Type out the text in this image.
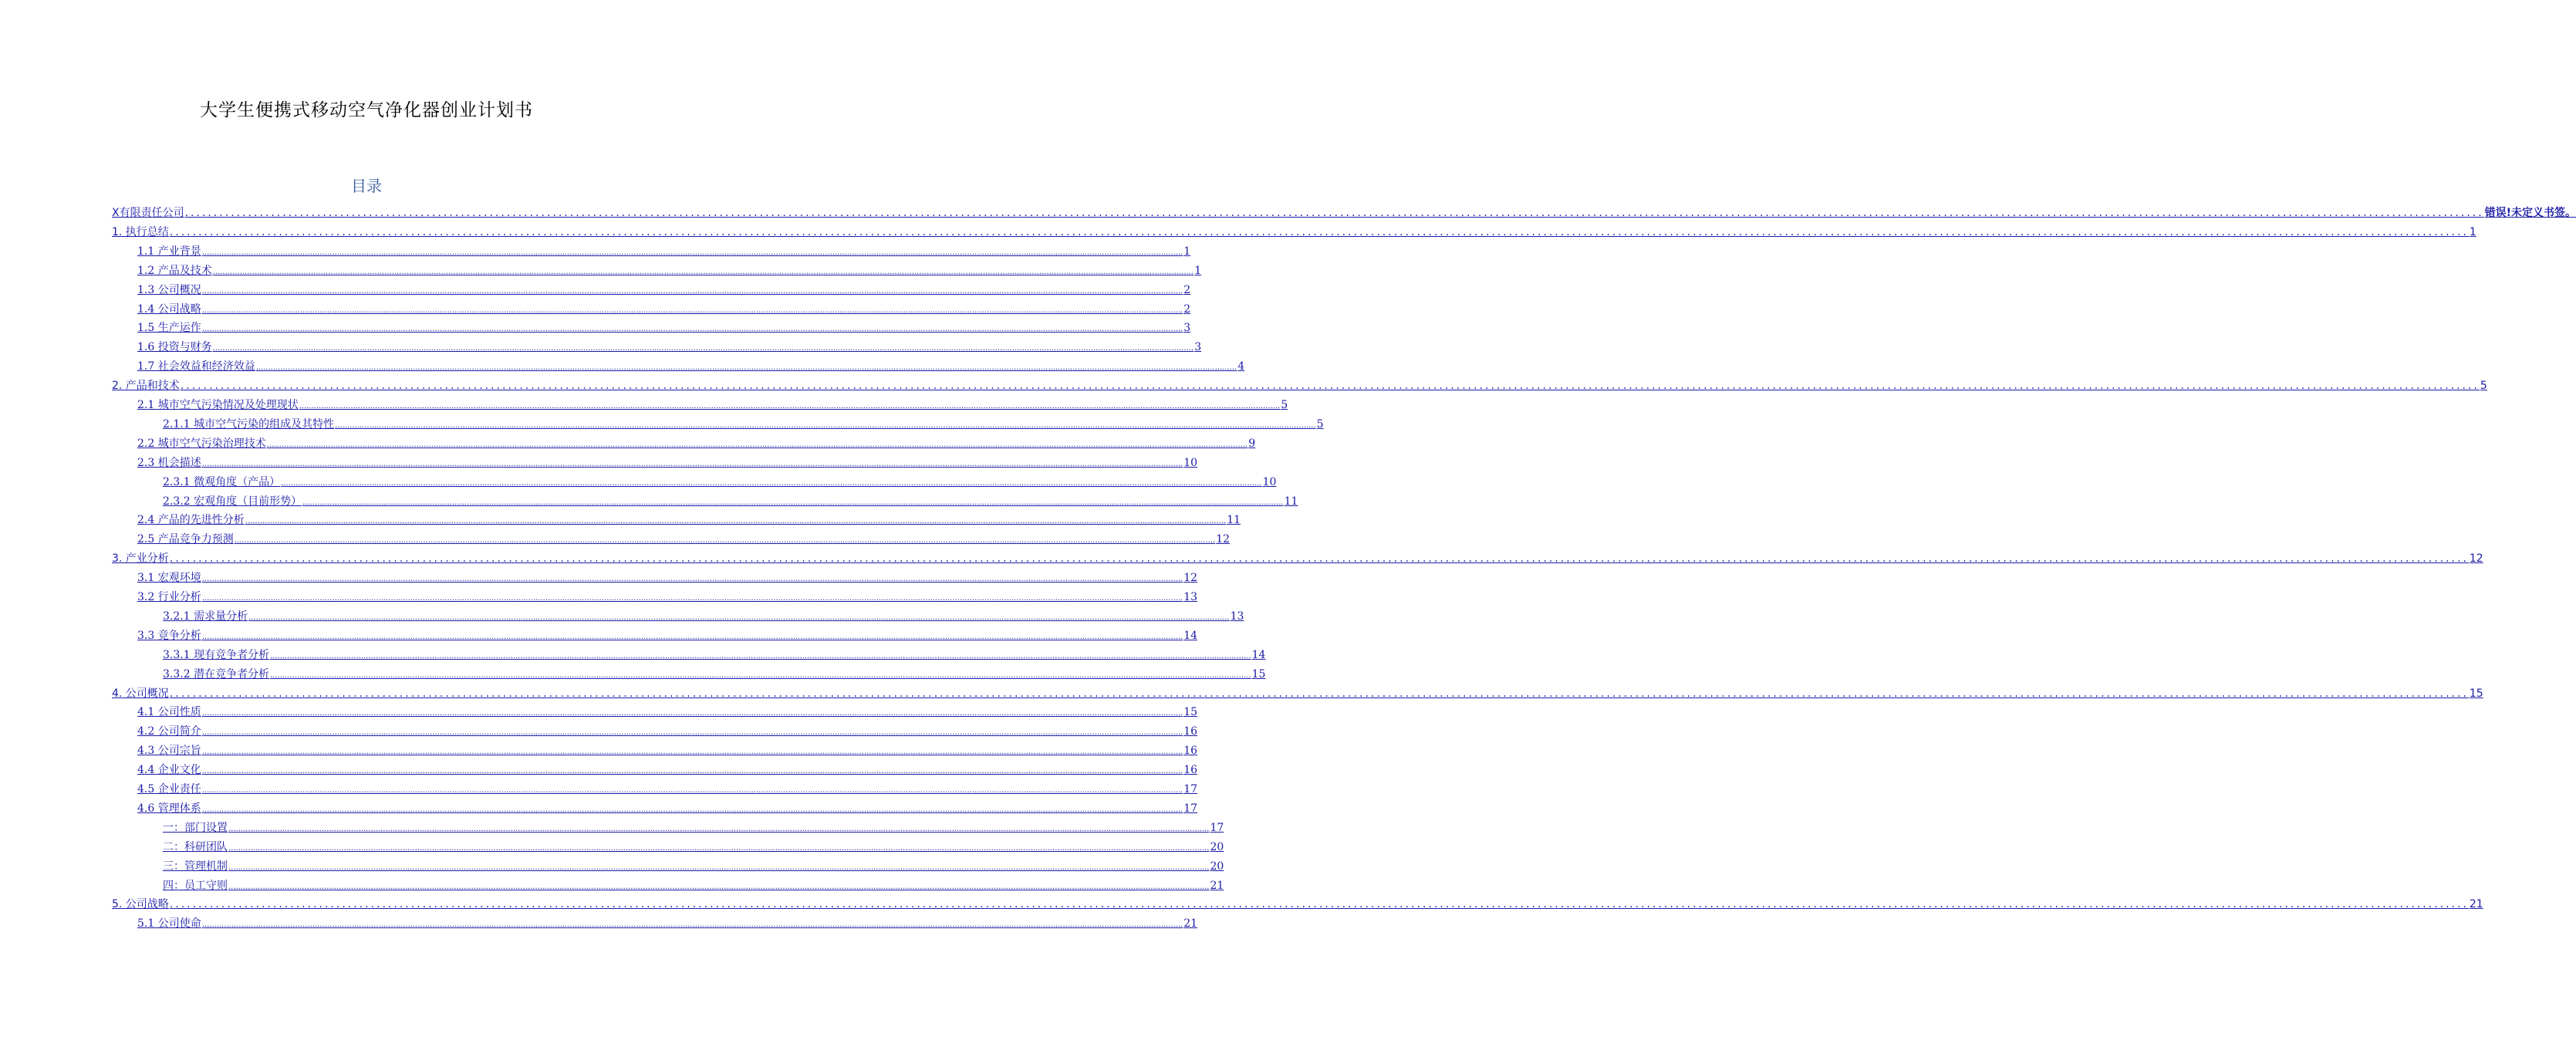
大学生便携式移动空气净化器创业计划书
目录
X有限责任公司 ................................................................................................................................................................................................................................................................................................................................................................................................................ 错误!未定义书签。
1. 执行总结 ................................................................................................................................................................................................................................................................................................................................................................................................................ 1
1.1 产业背景 ................................................................................................................................................................................................................................................................................................................................................................................................................ 1
1.2 产品及技术 ................................................................................................................................................................................................................................................................................................................................................................................................................ 1
1.3 公司概况 ................................................................................................................................................................................................................................................................................................................................................................................................................ 2
1.4 公司战略 ................................................................................................................................................................................................................................................................................................................................................................................................................ 2
1.5 生产运作 ................................................................................................................................................................................................................................................................................................................................................................................................................ 3
1.6 投资与财务 ................................................................................................................................................................................................................................................................................................................................................................................................................ 3
1.7 社会效益和经济效益 ................................................................................................................................................................................................................................................................................................................................................................................................................ 4
2. 产品和技术 ................................................................................................................................................................................................................................................................................................................................................................................................................ 5
2.1 城市空气污染情况及处理现状 ................................................................................................................................................................................................................................................................................................................................................................................................................ 5
2.1.1 城市空气污染的组成及其特性 ................................................................................................................................................................................................................................................................................................................................................................................................................ 5
2.2 城市空气污染治理技术 ................................................................................................................................................................................................................................................................................................................................................................................................................ 9
2.3 机会描述 ................................................................................................................................................................................................................................................................................................................................................................................................................ 10
2.3.1 微观角度（产品） ................................................................................................................................................................................................................................................................................................................................................................................................................ 10
2.3.2 宏观角度（目前形势） ................................................................................................................................................................................................................................................................................................................................................................................................................ 11
2.4 产品的先进性分析 ................................................................................................................................................................................................................................................................................................................................................................................................................ 11
2.5 产品竞争力预测 ................................................................................................................................................................................................................................................................................................................................................................................................................ 12
3. 产业分析 ................................................................................................................................................................................................................................................................................................................................................................................................................ 12
3.1 宏观环境 ................................................................................................................................................................................................................................................................................................................................................................................................................ 12
3.2 行业分析 ................................................................................................................................................................................................................................................................................................................................................................................................................ 13
3.2.1 需求量分析 ................................................................................................................................................................................................................................................................................................................................................................................................................ 13
3.3 竞争分析 ................................................................................................................................................................................................................................................................................................................................................................................................................ 14
3.3.1 现有竞争者分析 ................................................................................................................................................................................................................................................................................................................................................................................................................ 14
3.3.2 潜在竞争者分析 ................................................................................................................................................................................................................................................................................................................................................................................................................ 15
4. 公司概况 ................................................................................................................................................................................................................................................................................................................................................................................................................ 15
4.1 公司性质 ................................................................................................................................................................................................................................................................................................................................................................................................................ 15
4.2 公司简介 ................................................................................................................................................................................................................................................................................................................................................................................................................ 16
4.3 公司宗旨 ................................................................................................................................................................................................................................................................................................................................................................................................................ 16
4.4 企业文化 ................................................................................................................................................................................................................................................................................................................................................................................................................ 16
4.5 企业责任 ................................................................................................................................................................................................................................................................................................................................................................................................................ 17
4.6 管理体系 ................................................................................................................................................................................................................................................................................................................................................................................................................ 17
一：部门设置 ................................................................................................................................................................................................................................................................................................................................................................................................................ 17
二：科研团队 ................................................................................................................................................................................................................................................................................................................................................................................................................ 20
三：管理机制 ................................................................................................................................................................................................................................................................................................................................................................................................................ 20
四：员工守则 ................................................................................................................................................................................................................................................................................................................................................................................................................ 21
5. 公司战略 ................................................................................................................................................................................................................................................................................................................................................................................................................ 21
5.1 公司使命 ................................................................................................................................................................................................................................................................................................................................................................................................................ 21
